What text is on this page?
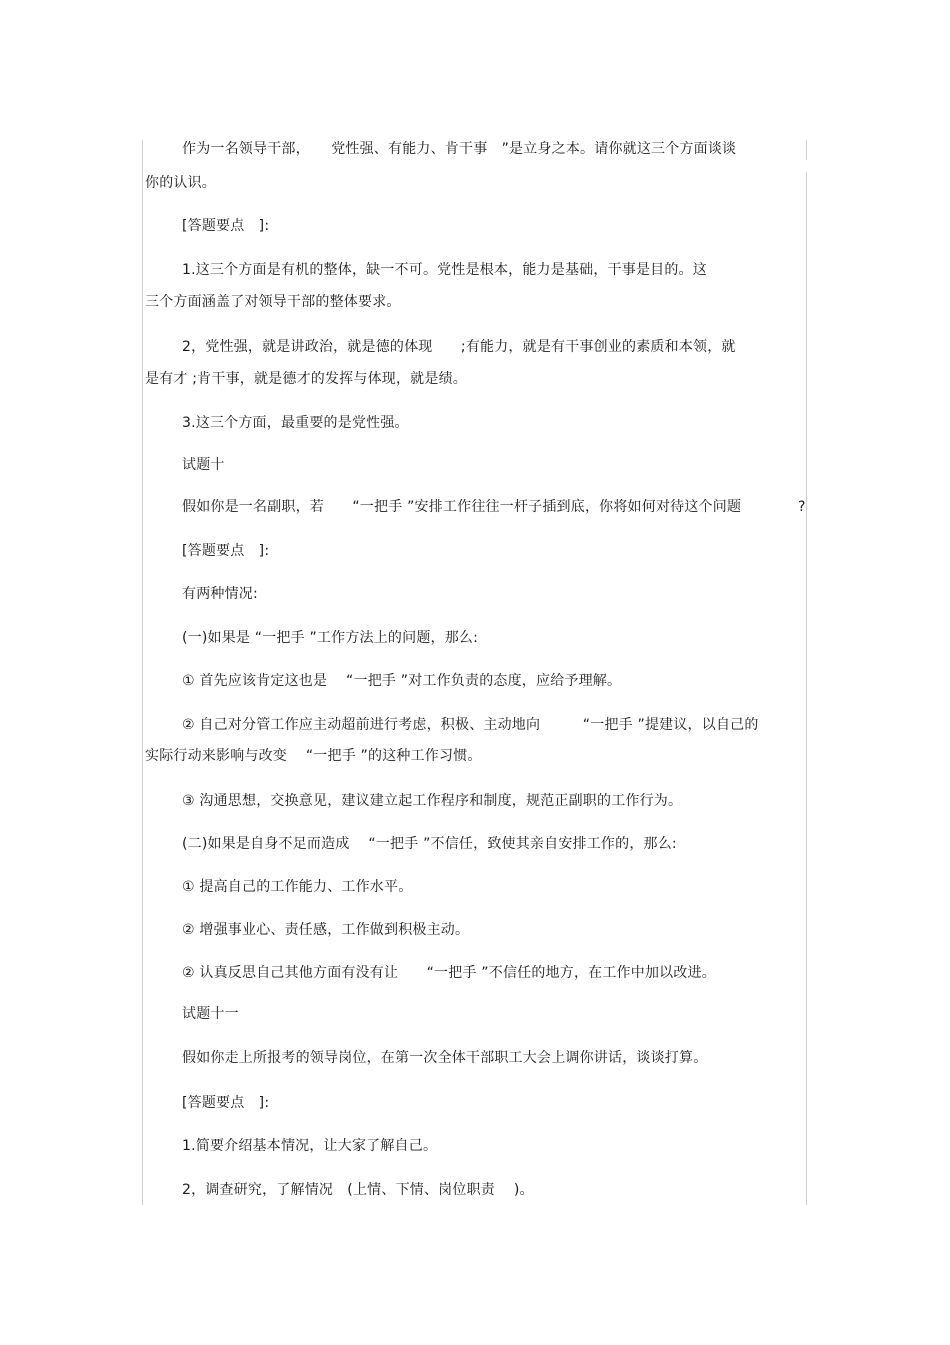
作为一名领导干部，　　党性强、有能力、肯干事　”是立身之本。请你就这三个方面谈谈
你的认识。
[答题要点　]:
1.这三个方面是有机的整体，缺一不可。党性是根本，能力是基础，干事是目的。这
三个方面涵盖了对领导干部的整体要求。
2，党性强，就是讲政治，就是德的体现　　;有能力，就是有干事创业的素质和本领，就
是有才 ;肯干事，就是德才的发挥与体现，就是绩。
3.这三个方面，最重要的是党性强。
试题十
假如你是一名副职，若　　“一把手 ”安排工作往往一杆子插到底，你将如何对待这个问题　　　　?
[答题要点　]:
有两种情况:
(一)如果是 “一把手 ”工作方法上的问题，那么:
① 首先应该肯定这也是　 “一把手 ”对工作负责的态度，应给予理解。
② 自己对分管工作应主动超前进行考虑，积极、主动地向　　　“一把手 ”提建议，以自己的
实际行动来影响与改变　 “一把手 ”的这种工作习惯。
③ 沟通思想，交换意见，建议建立起工作程序和制度，规范正副职的工作行为。
(二)如果是自身不足而造成　 “一把手 ”不信任，致使其亲自安排工作的，那么:
① 提高自己的工作能力、工作水平。
② 增强事业心、责任感，工作做到积极主动。
② 认真反思自己其他方面有没有让　　“一把手 ”不信任的地方，在工作中加以改进。
试题十一
假如你走上所报考的领导岗位，在第一次全体干部职工大会上调你讲话，谈谈打算。
[答题要点　]:
1.简要介绍基本情况，让大家了解自己。
2，调查研究，了解情况　(上情、下情、岗位职责　 )。
